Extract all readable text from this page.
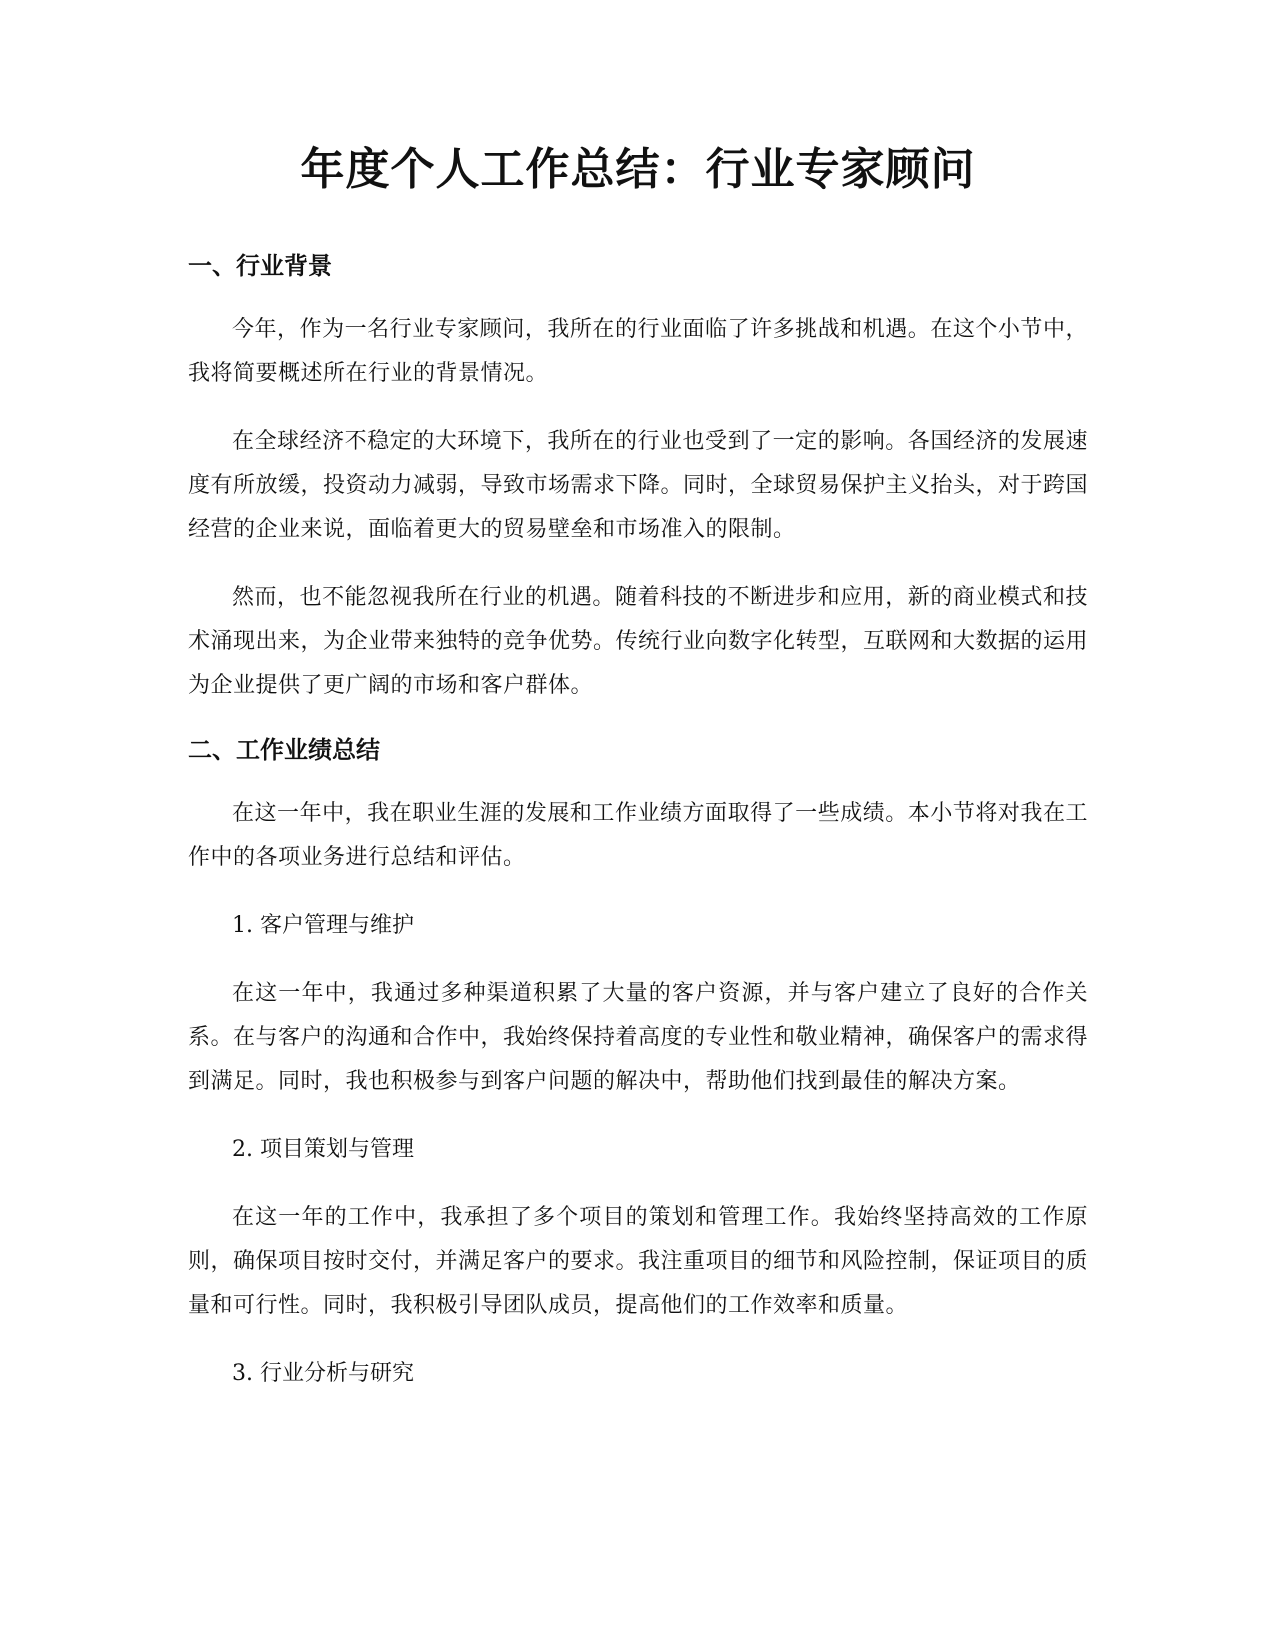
年度个人工作总结：行业专家顾问
一、行业背景

今年，作为一名行业专家顾问，我所在的行业面临了许多挑战和机遇。在这个小节中，我将简要概述所在行业的背景情况。

在全球经济不稳定的大环境下，我所在的行业也受到了一定的影响。各国经济的发展速度有所放缓，投资动力减弱，导致市场需求下降。同时，全球贸易保护主义抬头，对于跨国经营的企业来说，面临着更大的贸易壁垒和市场准入的限制。

然而，也不能忽视我所在行业的机遇。随着科技的不断进步和应用，新的商业模式和技术涌现出来，为企业带来独特的竞争优势。传统行业向数字化转型，互联网和大数据的运用为企业提供了更广阔的市场和客户群体。

二、工作业绩总结

在这一年中，我在职业生涯的发展和工作业绩方面取得了一些成绩。本小节将对我在工作中的各项业务进行总结和评估。

1. 客户管理与维护

在这一年中，我通过多种渠道积累了大量的客户资源，并与客户建立了良好的合作关系。在与客户的沟通和合作中，我始终保持着高度的专业性和敬业精神，确保客户的需求得到满足。同时，我也积极参与到客户问题的解决中，帮助他们找到最佳的解决方案。

2. 项目策划与管理

在这一年的工作中，我承担了多个项目的策划和管理工作。我始终坚持高效的工作原则，确保项目按时交付，并满足客户的要求。我注重项目的细节和风险控制，保证项目的质量和可行性。同时，我积极引导团队成员，提高他们的工作效率和质量。

3. 行业分析与研究
